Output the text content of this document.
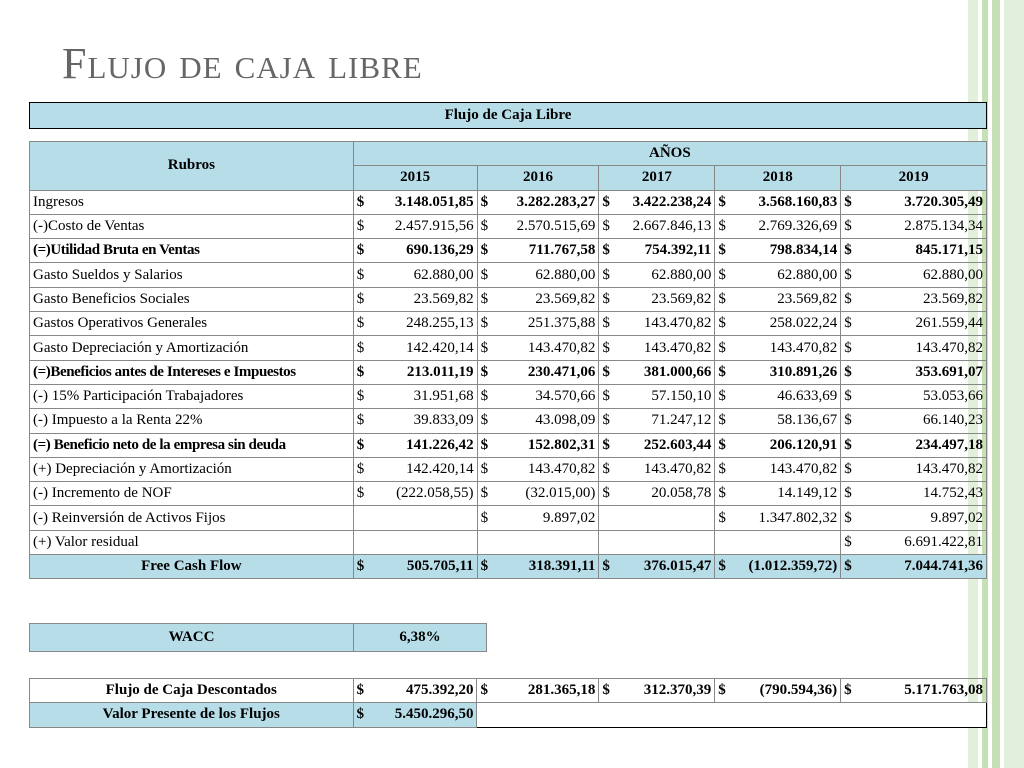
Flujo de caja libre
Flujo de Caja Libre
Rubros	AÑOS									
	2015		2016		2017		2018		2019	
Ingresos	$	3.148.051,85	$	3.282.283,27	$	3.422.238,24	$	3.568.160,83	$	3.720.305,49
(-)Costo de Ventas	$	2.457.915,56	$	2.570.515,69	$	2.667.846,13	$	2.769.326,69	$	2.875.134,34
(=)Utilidad Bruta en Ventas	$	690.136,29	$	711.767,58	$	754.392,11	$	798.834,14	$	845.171,15
Gasto Sueldos y Salarios	$	62.880,00	$	62.880,00	$	62.880,00	$	62.880,00	$	62.880,00
Gasto Beneficios Sociales	$	23.569,82	$	23.569,82	$	23.569,82	$	23.569,82	$	23.569,82
Gastos Operativos Generales	$	248.255,13	$	251.375,88	$	143.470,82	$	258.022,24	$	261.559,44
Gasto Depreciación y Amortización	$	142.420,14	$	143.470,82	$	143.470,82	$	143.470,82	$	143.470,82
(=)Beneficios antes de Intereses e Impuestos	$	213.011,19	$	230.471,06	$	381.000,66	$	310.891,26	$	353.691,07
(-) 15% Participación Trabajadores	$	31.951,68	$	34.570,66	$	57.150,10	$	46.633,69	$	53.053,66
(-) Impuesto a la Renta 22%	$	39.833,09	$	43.098,09	$	71.247,12	$	58.136,67	$	66.140,23
(=) Beneficio neto de la empresa sin deuda	$	141.226,42	$	152.802,31	$	252.603,44	$	206.120,91	$	234.497,18
(+) Depreciación y Amortización	$	142.420,14	$	143.470,82	$	143.470,82	$	143.470,82	$	143.470,82
(-) Incremento de NOF	$	(222.058,55)	$	(32.015,00)	$	20.058,78	$	14.149,12	$	14.752,43
(-) Reinversión de Activos Fijos			$	9.897,02			$	1.347.802,32	$	9.897,02
(+) Valor residual									$	6.691.422,81
Free Cash Flow	$	505.705,11	$	318.391,11	$	376.015,47	$	(1.012.359,72)	$	7.044.741,36
WACC	6,38%
Flujo de Caja Descontados	$	475.392,20	$	281.365,18	$	312.370,39	$	(790.594,36)	$	5.171.763,08
Valor Presente de los Flujos	$	5.450.296,50								
